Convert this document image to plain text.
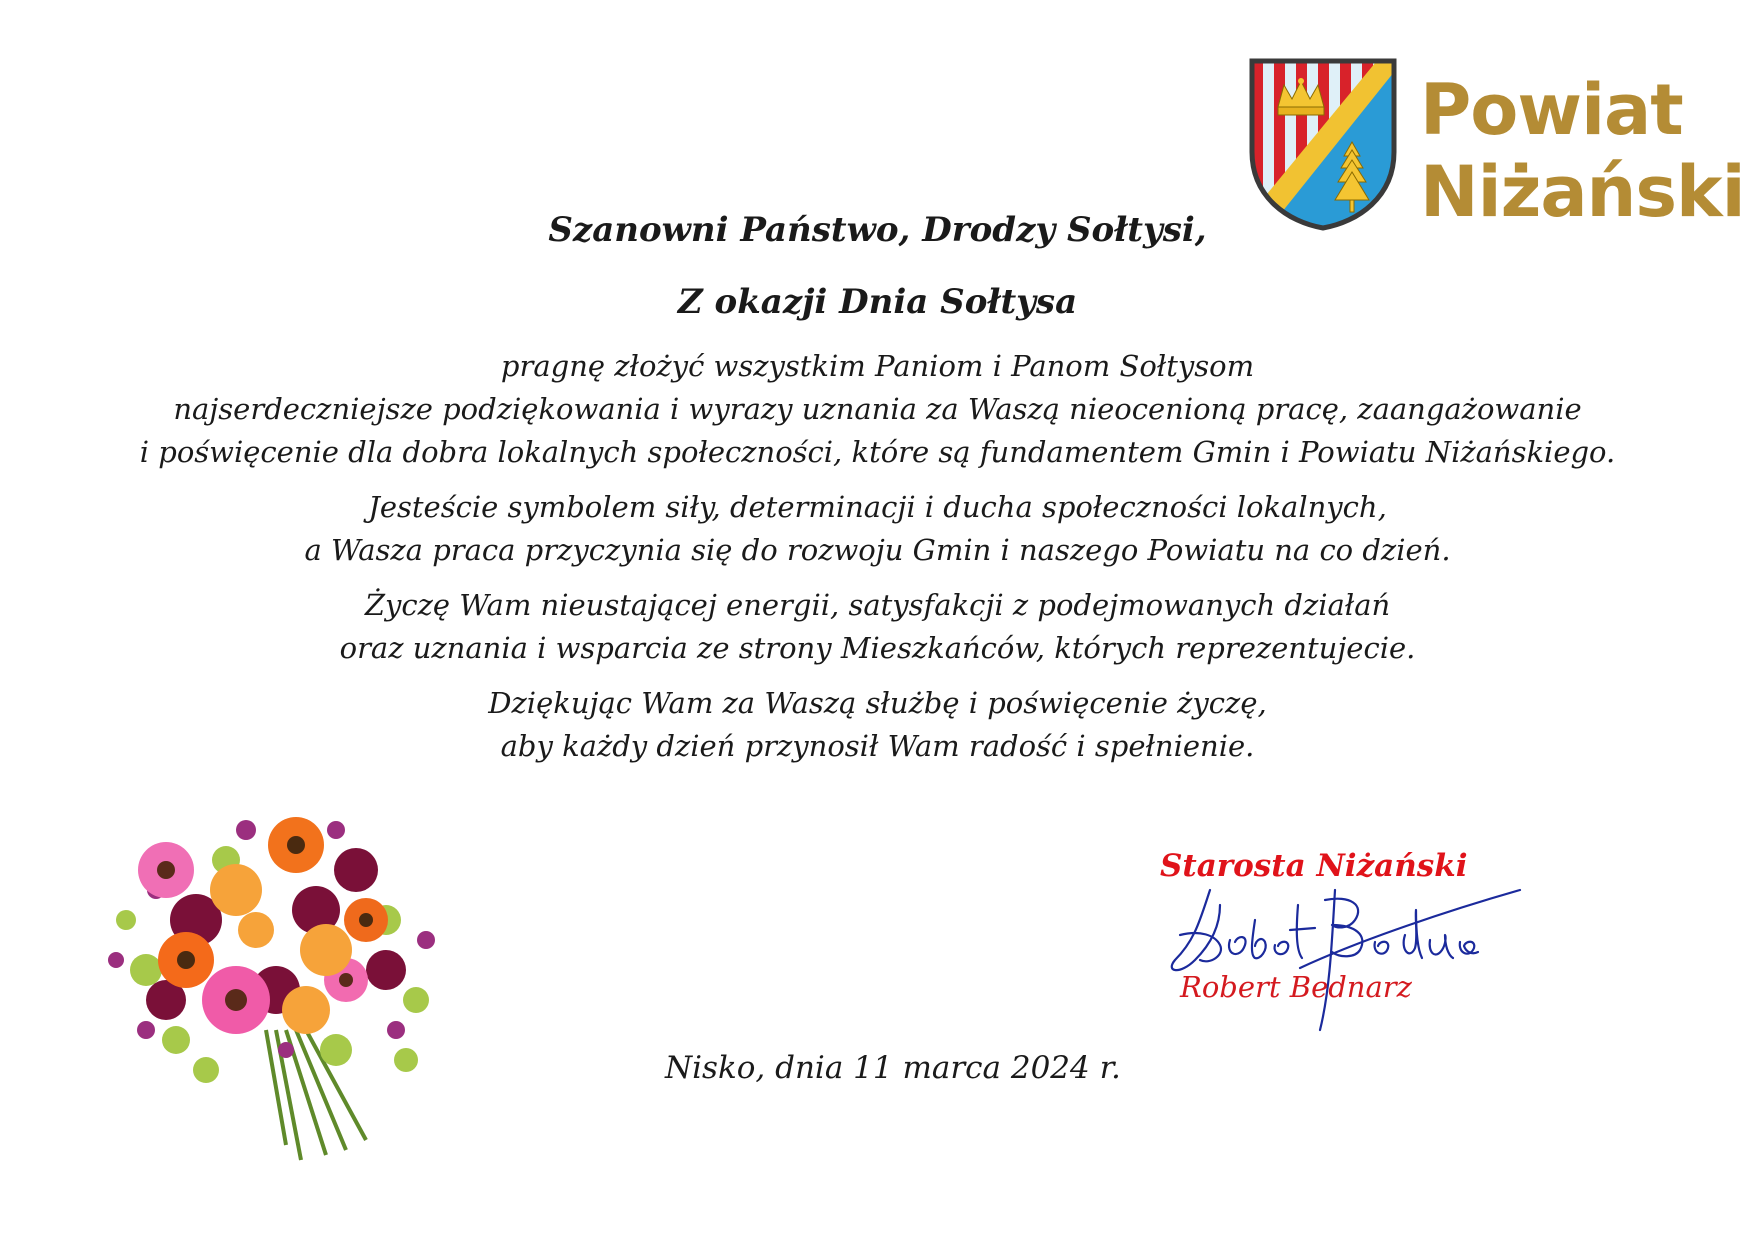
Powiat
Niżański
Szanowni Państwo, Drodzy Sołtysi,
Z okazji Dnia Sołtysa
pragnę złożyć wszystkim Paniom i Panom Sołtysom
najserdeczniejsze podziękowania i wyrazy uznania za Waszą nieocenioną pracę, zaangażowanie
i poświęcenie dla dobra lokalnych społeczności, które są fundamentem Gmin i Powiatu Niżańskiego.
Jesteście symbolem siły, determinacji i ducha społeczności lokalnych,
a Wasza praca przyczynia się do rozwoju Gmin i naszego Powiatu na co dzień.
Życzę Wam nieustającej energii, satysfakcji z podejmowanych działań
oraz uznania i wsparcia ze strony Mieszkańców, których reprezentujecie.
Dziękując Wam za Waszą służbę i poświęcenie życzę,
aby każdy dzień przynosił Wam radość i spełnienie.
Nisko, dnia 11 marca 2024 r.
Starosta Niżański
Robert Bednarz
